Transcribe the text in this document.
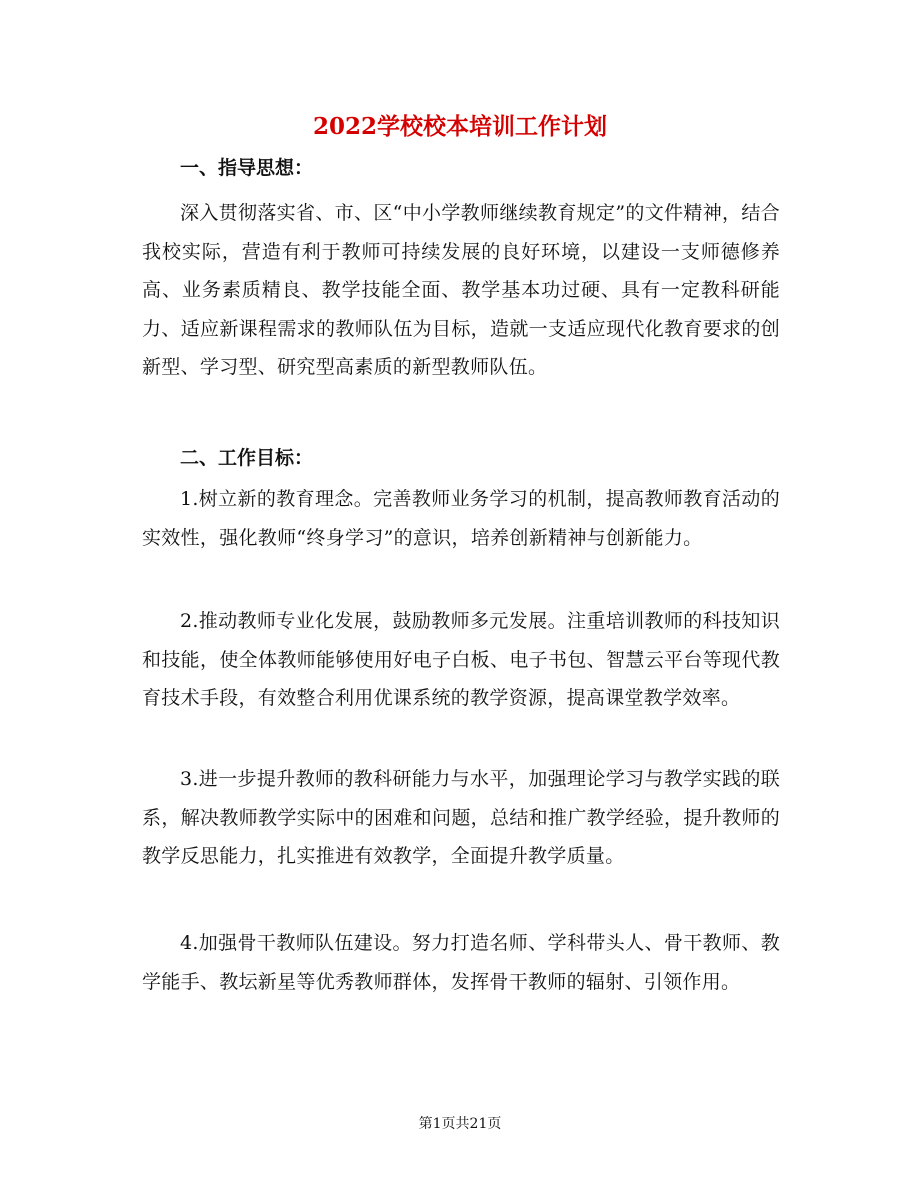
2022学校校本培训工作计划
一、指导思想：

深入贯彻落实省、市、区“中小学教师继续教育规定”的文件精神，结合我校实际，营造有利于教师可持续发展的良好环境，以建设一支师德修养高、业务素质精良、教学技能全面、教学基本功过硬、具有一定教科研能力、适应新课程需求的教师队伍为目标，造就一支适应现代化教育要求的创新型、学习型、研究型高素质的新型教师队伍。

二、工作目标：

1.树立新的教育理念。完善教师业务学习的机制，提高教师教育活动的实效性，强化教师“终身学习”的意识，培养创新精神与创新能力。

2.推动教师专业化发展，鼓励教师多元发展。注重培训教师的科技知识和技能，使全体教师能够使用好电子白板、电子书包、智慧云平台等现代教育技术手段，有效整合利用优课系统的教学资源，提高课堂教学效率。

3.进一步提升教师的教科研能力与水平，加强理论学习与教学实践的联系，解决教师教学实际中的困难和问题，总结和推广教学经验，提升教师的教学反思能力，扎实推进有效教学，全面提升教学质量。

4.加强骨干教师队伍建设。努力打造名师、学科带头人、骨干教师、教学能手、教坛新星等优秀教师群体，发挥骨干教师的辐射、引领作用。

第1页共21页
